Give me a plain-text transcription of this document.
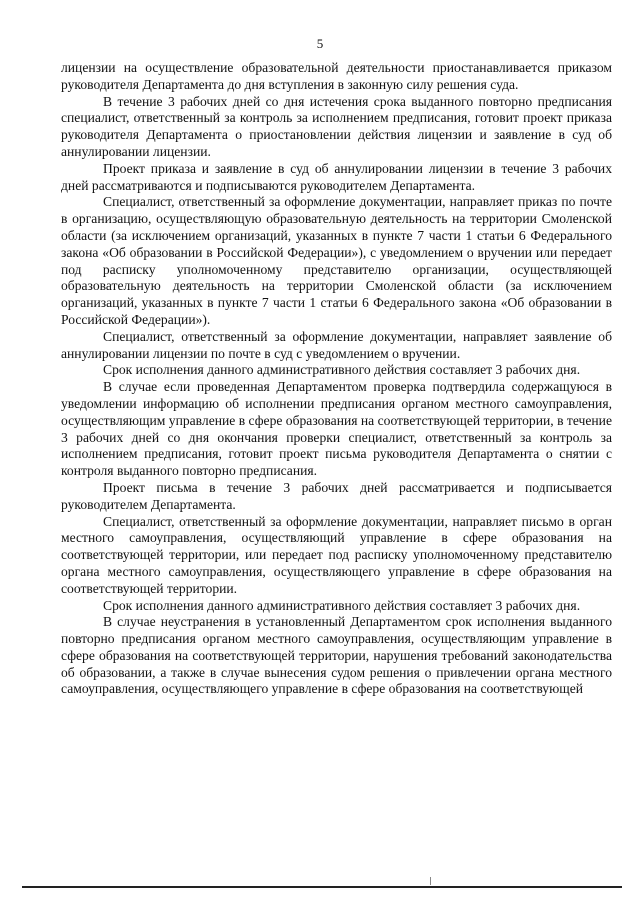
5

лицензии на осуществление образовательной деятельности приостанавливается приказом руководителя Департамента до дня вступления в законную силу решения суда.

В течение 3 рабочих дней со дня истечения срока выданного повторно предписания специалист, ответственный за контроль за исполнением предписания, готовит проект приказа руководителя Департамента о приостановлении действия лицензии и заявление в суд об аннулировании лицензии.

Проект приказа и заявление в суд об аннулировании лицензии в течение 3 рабочих дней рассматриваются и подписываются руководителем Департамента.

Специалист, ответственный за оформление документации, направляет приказ по почте в организацию, осуществляющую образовательную деятельность на территории Смоленской области (за исключением организаций, указанных в пункте 7 части 1 статьи 6 Федерального закона «Об образовании в Российской Федерации»), с уведомлением о вручении или передает под расписку уполномоченному представителю организации, осуществляющей образовательную деятельность на территории Смоленской области (за исключением организаций, указанных в пункте 7 части 1 статьи 6 Федерального закона «Об образовании в Российской Федерации»).

Специалист, ответственный за оформление документации, направляет заявление об аннулировании лицензии по почте в суд с уведомлением о вручении.

Срок исполнения данного административного действия составляет 3 рабочих дня.

В случае если проведенная Департаментом проверка подтвердила содержащуюся в уведомлении информацию об исполнении предписания органом местного самоуправления, осуществляющим управление в сфере образования на соответствующей территории, в течение 3 рабочих дней со дня окончания проверки специалист, ответственный за контроль за исполнением предписания, готовит проект письма руководителя Департамента о снятии с контроля выданного повторно предписания.

Проект письма в течение 3 рабочих дней рассматривается и подписывается руководителем Департамента.

Специалист, ответственный за оформление документации, направляет письмо в орган местного самоуправления, осуществляющий управление в сфере образования на соответствующей территории, или передает под расписку уполномоченному представителю органа местного самоуправления, осуществляющего управление в сфере образования на соответствующей территории.

Срок исполнения данного административного действия составляет 3 рабочих дня.

В случае неустранения в установленный Департаментом срок исполнения выданного повторно предписания органом местного самоуправления, осуществляющим управление в сфере образования на соответствующей территории, нарушения требований законодательства об образовании, а также в случае вынесения судом решения о привлечении органа местного самоуправления, осуществляющего управление в сфере образования на соответствующей
